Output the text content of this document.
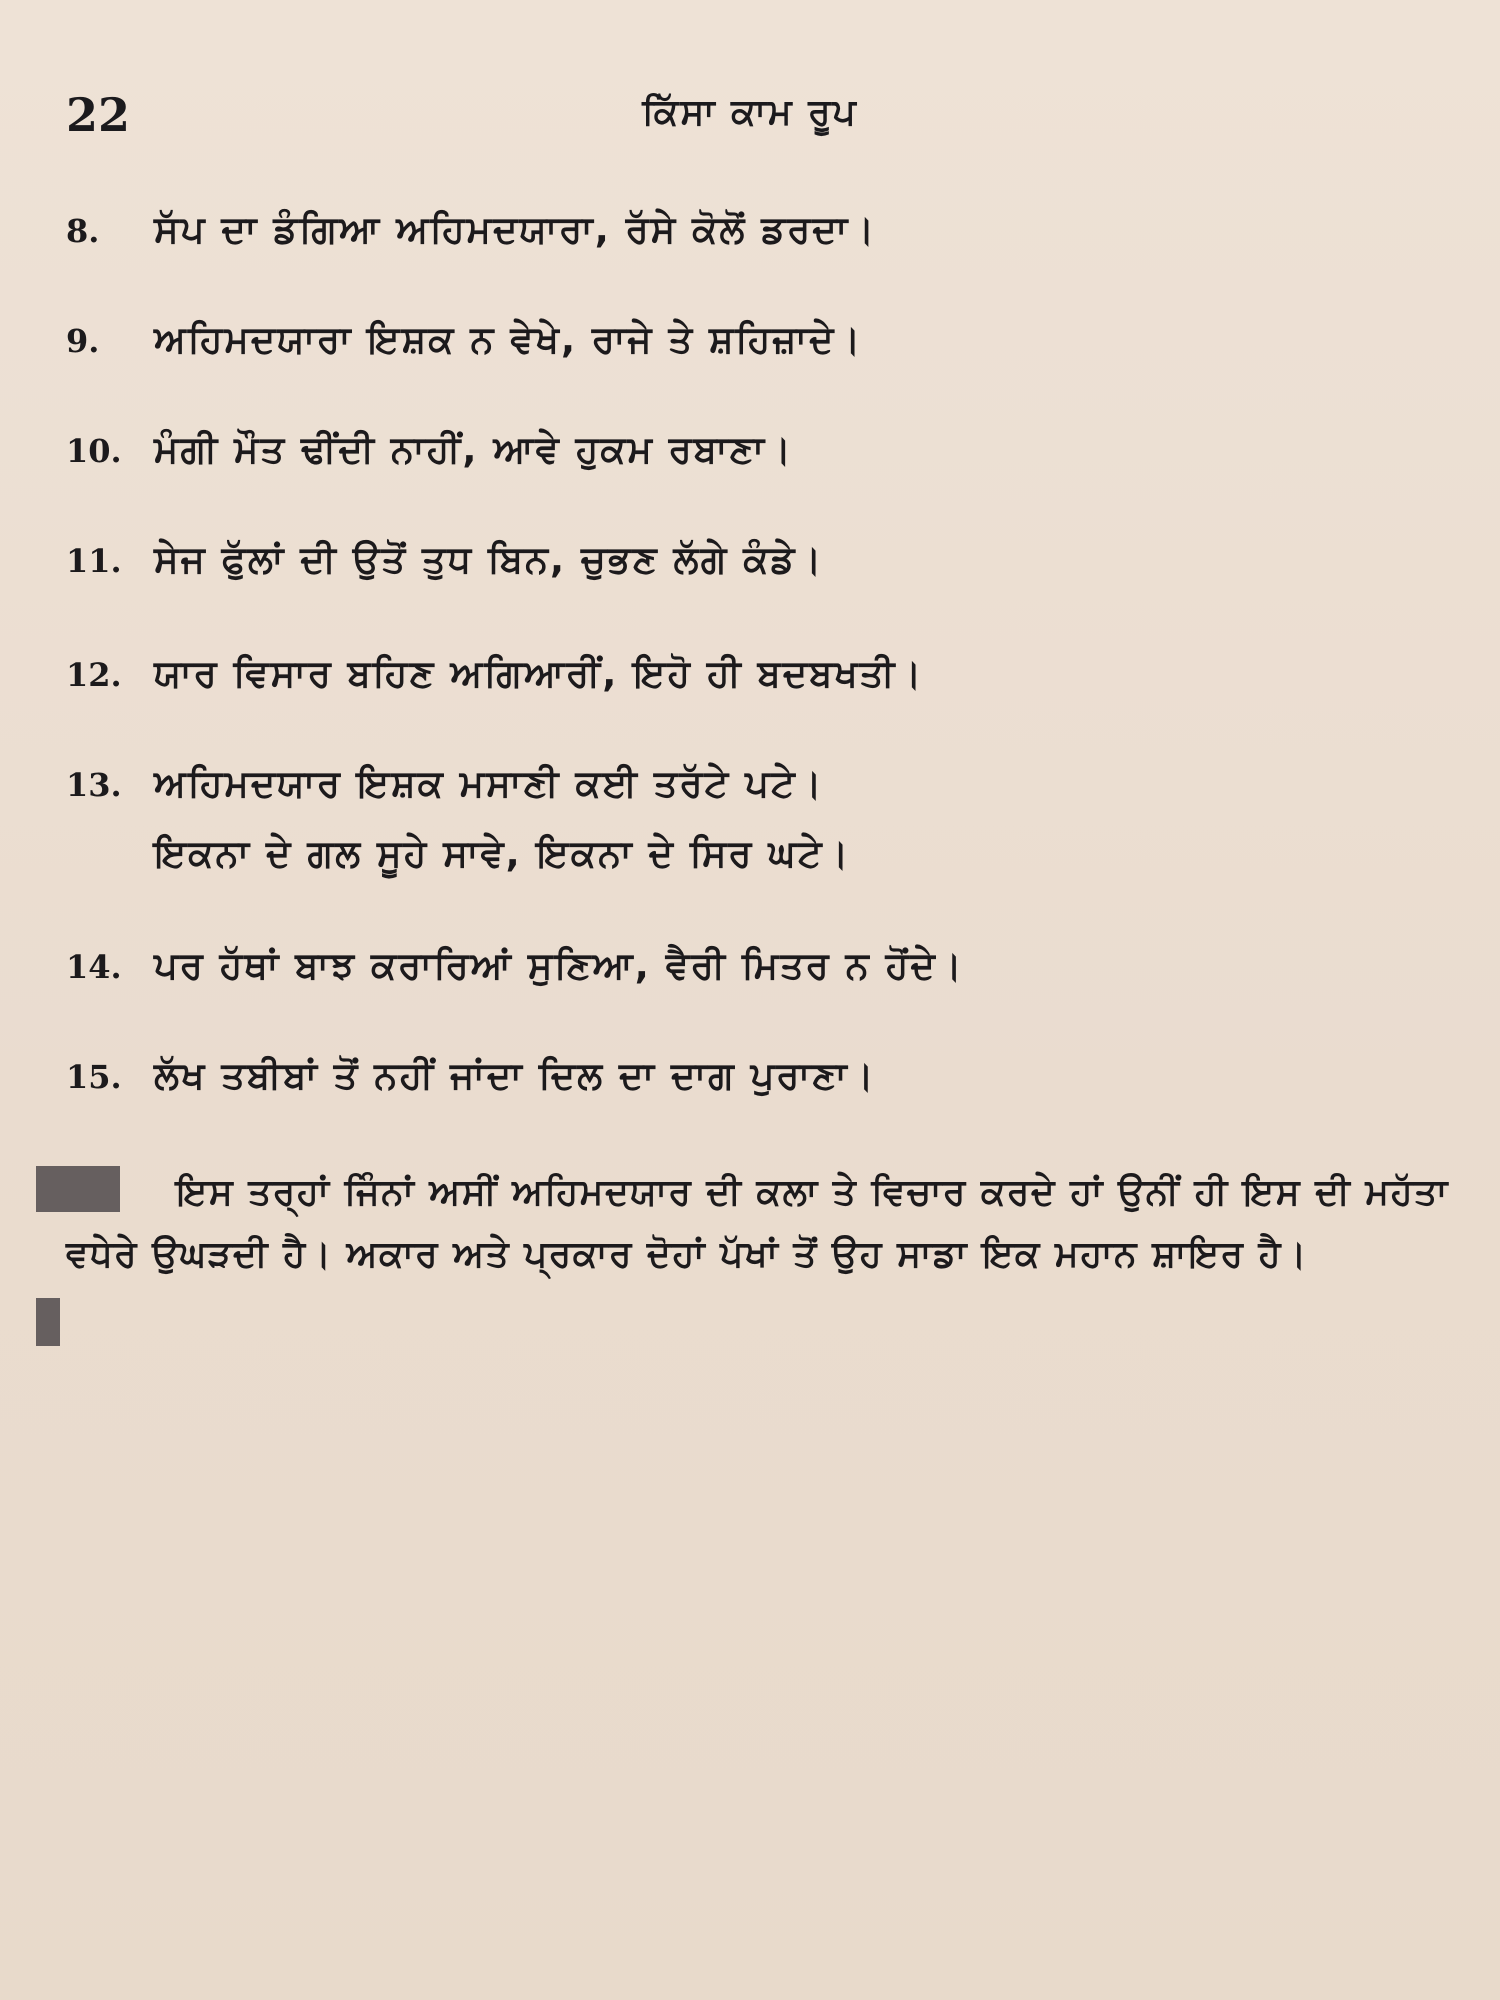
22	ਕਿੱਸਾ ਕਾਮ ਰੂਪ
8. ਸੱਪ ਦਾ ਡੰਗਿਆ ਅਹਿਮਦਯਾਰਾ, ਰੱਸੇ ਕੋਲੋਂ ਡਰਦਾ।
9. ਅਹਿਮਦਯਾਰਾ ਇਸ਼ਕ ਨ ਵੇਖੇ, ਰਾਜੇ ਤੇ ਸ਼ਹਿਜ਼ਾਦੇ।
10. ਮੰਗੀ ਮੌਤ ਢੀਂਦੀ ਨਾਹੀਂ, ਆਵੇ ਹੁਕਮ ਰਬਾਣਾ।
11. ਸੇਜ ਫੁੱਲਾਂ ਦੀ ਉਤੋਂ ਤੁਧ ਬਿਨ, ਚੁਭਣ ਲੱਗੇ ਕੰਡੇ।
12. ਯਾਰ ਵਿਸਾਰ ਬਹਿਣ ਅਗਿਆਰੀਂ, ਇਹੋ ਹੀ ਬਦਬਖਤੀ।
13. ਅਹਿਮਦਯਾਰ ਇਸ਼ਕ ਮਸਾਣੀ ਕਈ ਤਰੱਟੇ ਪਟੇ।
ਇਕਨਾ ਦੇ ਗਲ ਸੂਹੇ ਸਾਵੇ, ਇਕਨਾ ਦੇ ਸਿਰ ਘਟੇ।
14. ਪਰ ਹੱਥਾਂ ਬਾਝ ਕਰਾਰਿਆਂ ਸੁਣਿਆ, ਵੈਰੀ ਮਿਤਰ ਨ ਹੋਂਦੇ।
15. ਲੱਖ ਤਬੀਬਾਂ ਤੋਂ ਨਹੀਂ ਜਾਂਦਾ ਦਿਲ ਦਾ ਦਾਗ ਪੁਰਾਣਾ।
ਇਸ ਤਰ੍ਹਾਂ ਜਿੰਨਾਂ ਅਸੀਂ ਅਹਿਮਦਯਾਰ ਦੀ ਕਲਾ ਤੇ ਵਿਚਾਰ ਕਰਦੇ ਹਾਂ ਉਨੀਂ ਹੀ ਇਸ ਦੀ ਮਹੱਤਾ ਵਧੇਰੇ ਉਘੜਦੀ ਹੈ। ਅਕਾਰ ਅਤੇ ਪ੍ਰਕਾਰ ਦੋਹਾਂ ਪੱਖਾਂ ਤੋਂ ਉਹ ਸਾਡਾ ਇਕ ਮਹਾਨ ਸ਼ਾਇਰ ਹੈ।
